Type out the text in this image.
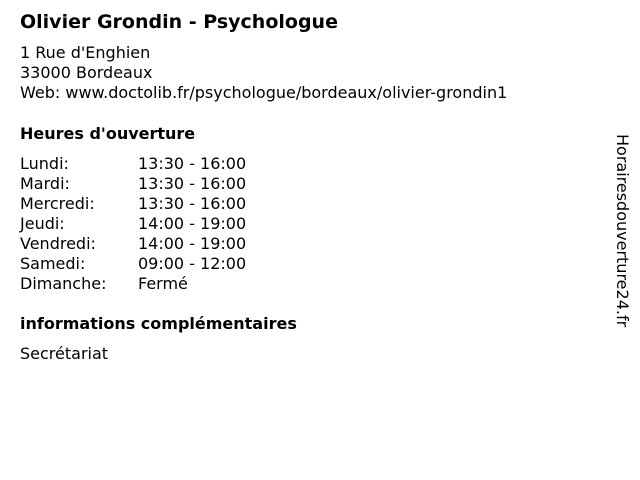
Olivier Grondin - Psychologue
1 Rue d'Enghien
33000 Bordeaux
Web: www.doctolib.fr/psychologue/bordeaux/olivier-grondin1
Heures d'ouverture
Lundi:	13:30 - 16:00
Mardi:	13:30 - 16:00
Mercredi:	13:30 - 16:00
Jeudi:	14:00 - 19:00
Vendredi:	14:00 - 19:00
Samedi:	09:00 - 12:00
Dimanche:	Fermé
informations complémentaires
Secrétariat
Horairesdouverture24.fr
